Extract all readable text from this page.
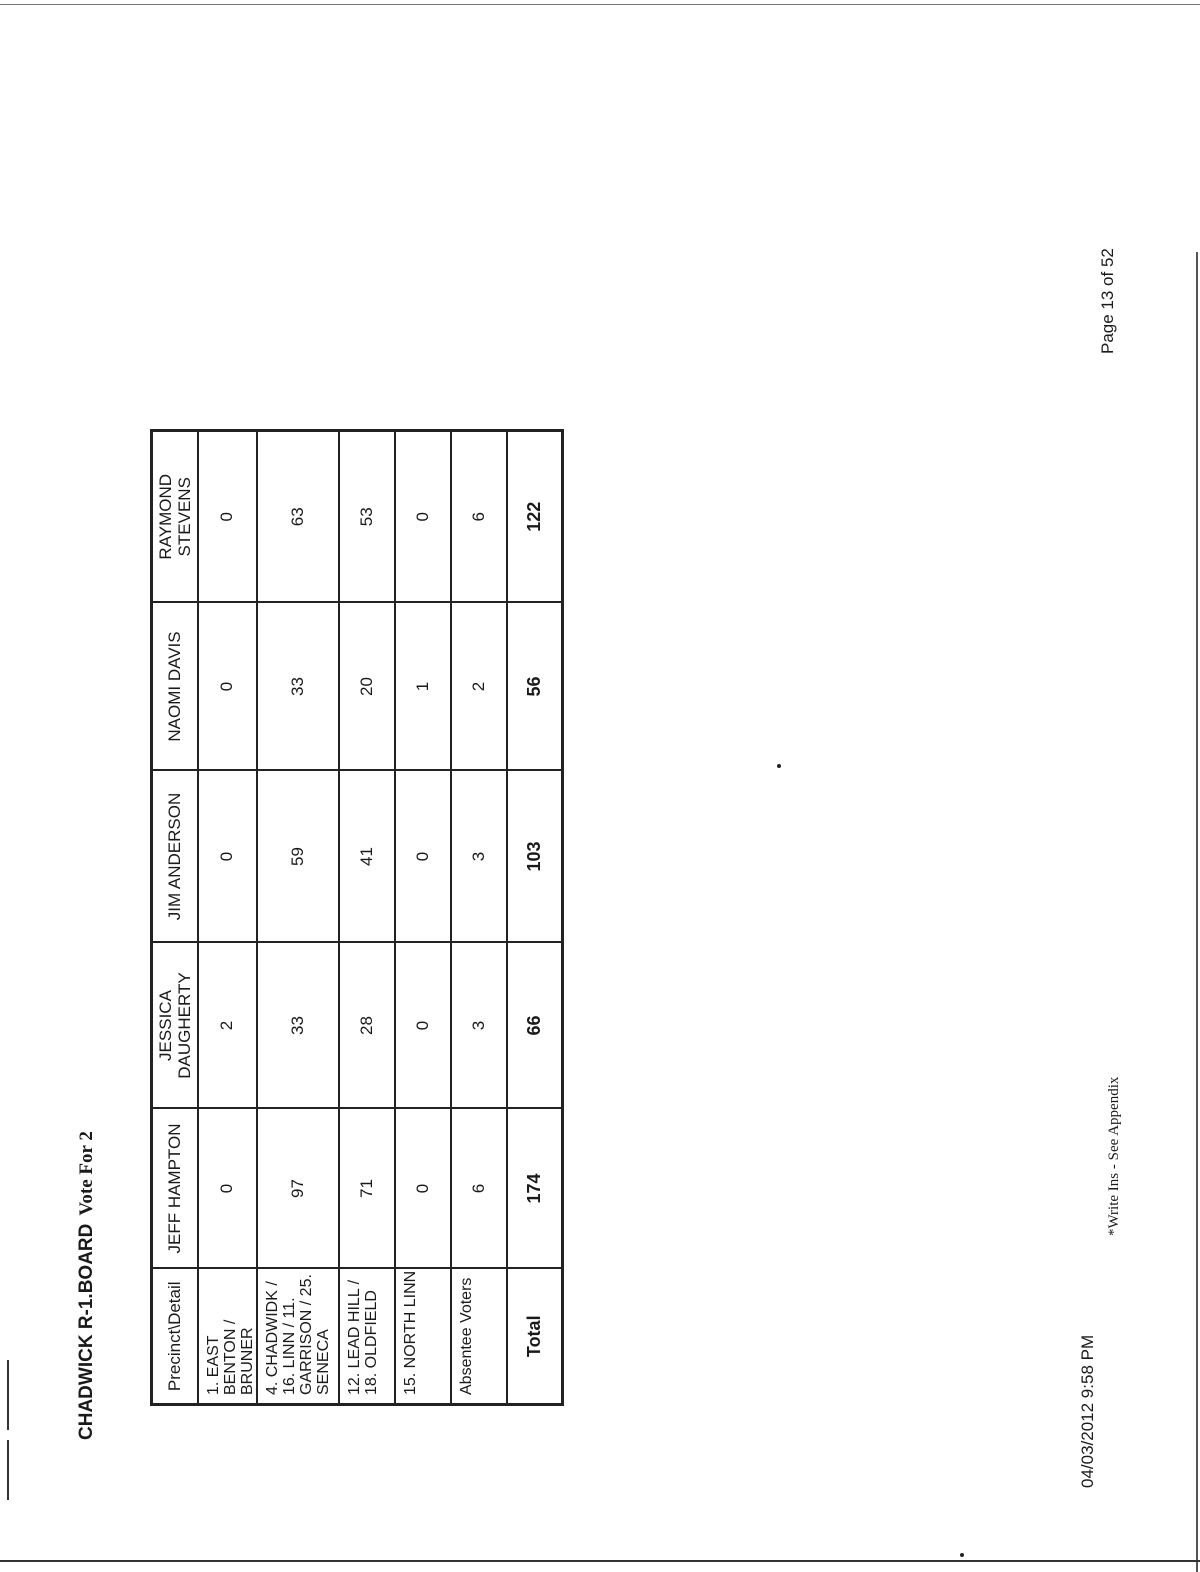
CHADWICK R-1.BOARDVote For 2
Precinct\Detail	JEFF HAMPTON	JESSICA DAUGHERTY	JIM ANDERSON	NAOMI DAVIS	RAYMOND STEVENS
1. EAST BENTON / BRUNER	0	2	0	0	0
4. CHADWIDK / 16. LINN / 11. GARRISON / 25. SENECA	97	33	59	33	63
12. LEAD HILL / 18. OLDFIELD	71	28	41	20	53
15. NORTH LINN	0	0	0	1	0
Absentee Voters	6	3	3	2	6
Total	174	66	103	56	122
04/03/2012 9:58 PM
*Write Ins - See Appendix
Page 13 of 52
